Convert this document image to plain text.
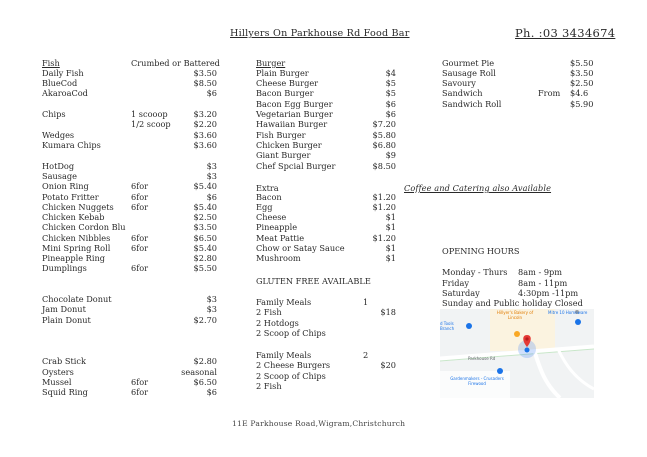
Hillyers On Parkhouse Rd Food Bar	Ph. :03 3434674
Fish	Crumbed or Battered
Daily Fish	$3.50
BlueCod	$8.50
AkaroaCod	$6
Chips	1 scooop	$3.20
1/2 scoop	$2.20
Wedges	$3.60
Kumara Chips	$3.60
HotDog	$3
Sausage	$3
Onion Ring	6for	$5.40
Potato Fritter	6for	$6
Chicken Nuggets 6for	$5.40
Chicken Kebab	$2.50
Chicken Cordon Blu	$3.50
Chicken Nibbles	6for	$6.50
Mini Spring Roll	6for	$5.40
Pineapple Ring	$2.80
Dumplings	6for	$5.50
Chocolate Donut	$3
Jam Donut	$3
Plain Donut	$2.70
Crab Stick	$2.80
Oysters	seasonal
Mussel	6for	$6.50
Squid Ring	6for	$6
Burger
Extra
GLUTEN FREE AVAILABLE
Plain Burger	$4
Cheese Burger	$5
Bacon Burger	$5
Bacon Egg Burger	$6
Vegetarian Burger	$6
Hawaiian Burger	$7.20
Fish Burger	$5.80
Chicken Burger	$6.80
Giant Burger	$9
Chef Spcial Burger	$8.50
Bacon	$1.20
Egg	$1.20
Cheese	$1
Pineapple	$1
Meat Pattie	$1.20
Chow or Satay Sauce	$1
Mushroom	$1
Family Meals	1
2 Fish	$18
2 Hotdogs
2 Scoop of Chips
Family Meals	2
2 Cheese Burgers	$20
2 Scoop of Chips
2 Fish
Coffee and Catering also Available
OPENING HOURS
Gourmet Pie	$5.50
Sausage Roll	$3.50
Savoury	$2.50
Sandwich	From $4.6
Sandwich Roll	$5.90
Monday - Thurs 8am - 9pm
Friday	8am - 11pm
Saturday	4:30pm -11pm
Sunday and Public holiday Closed
Hillyer's Bakery of Lincoln
Mitre 10 Homeware
d Tools Branch
Parkhouse Rd
Gardenmakers - Crusaders Firewood
11E Parkhouse Road,Wigram,Christchurch
